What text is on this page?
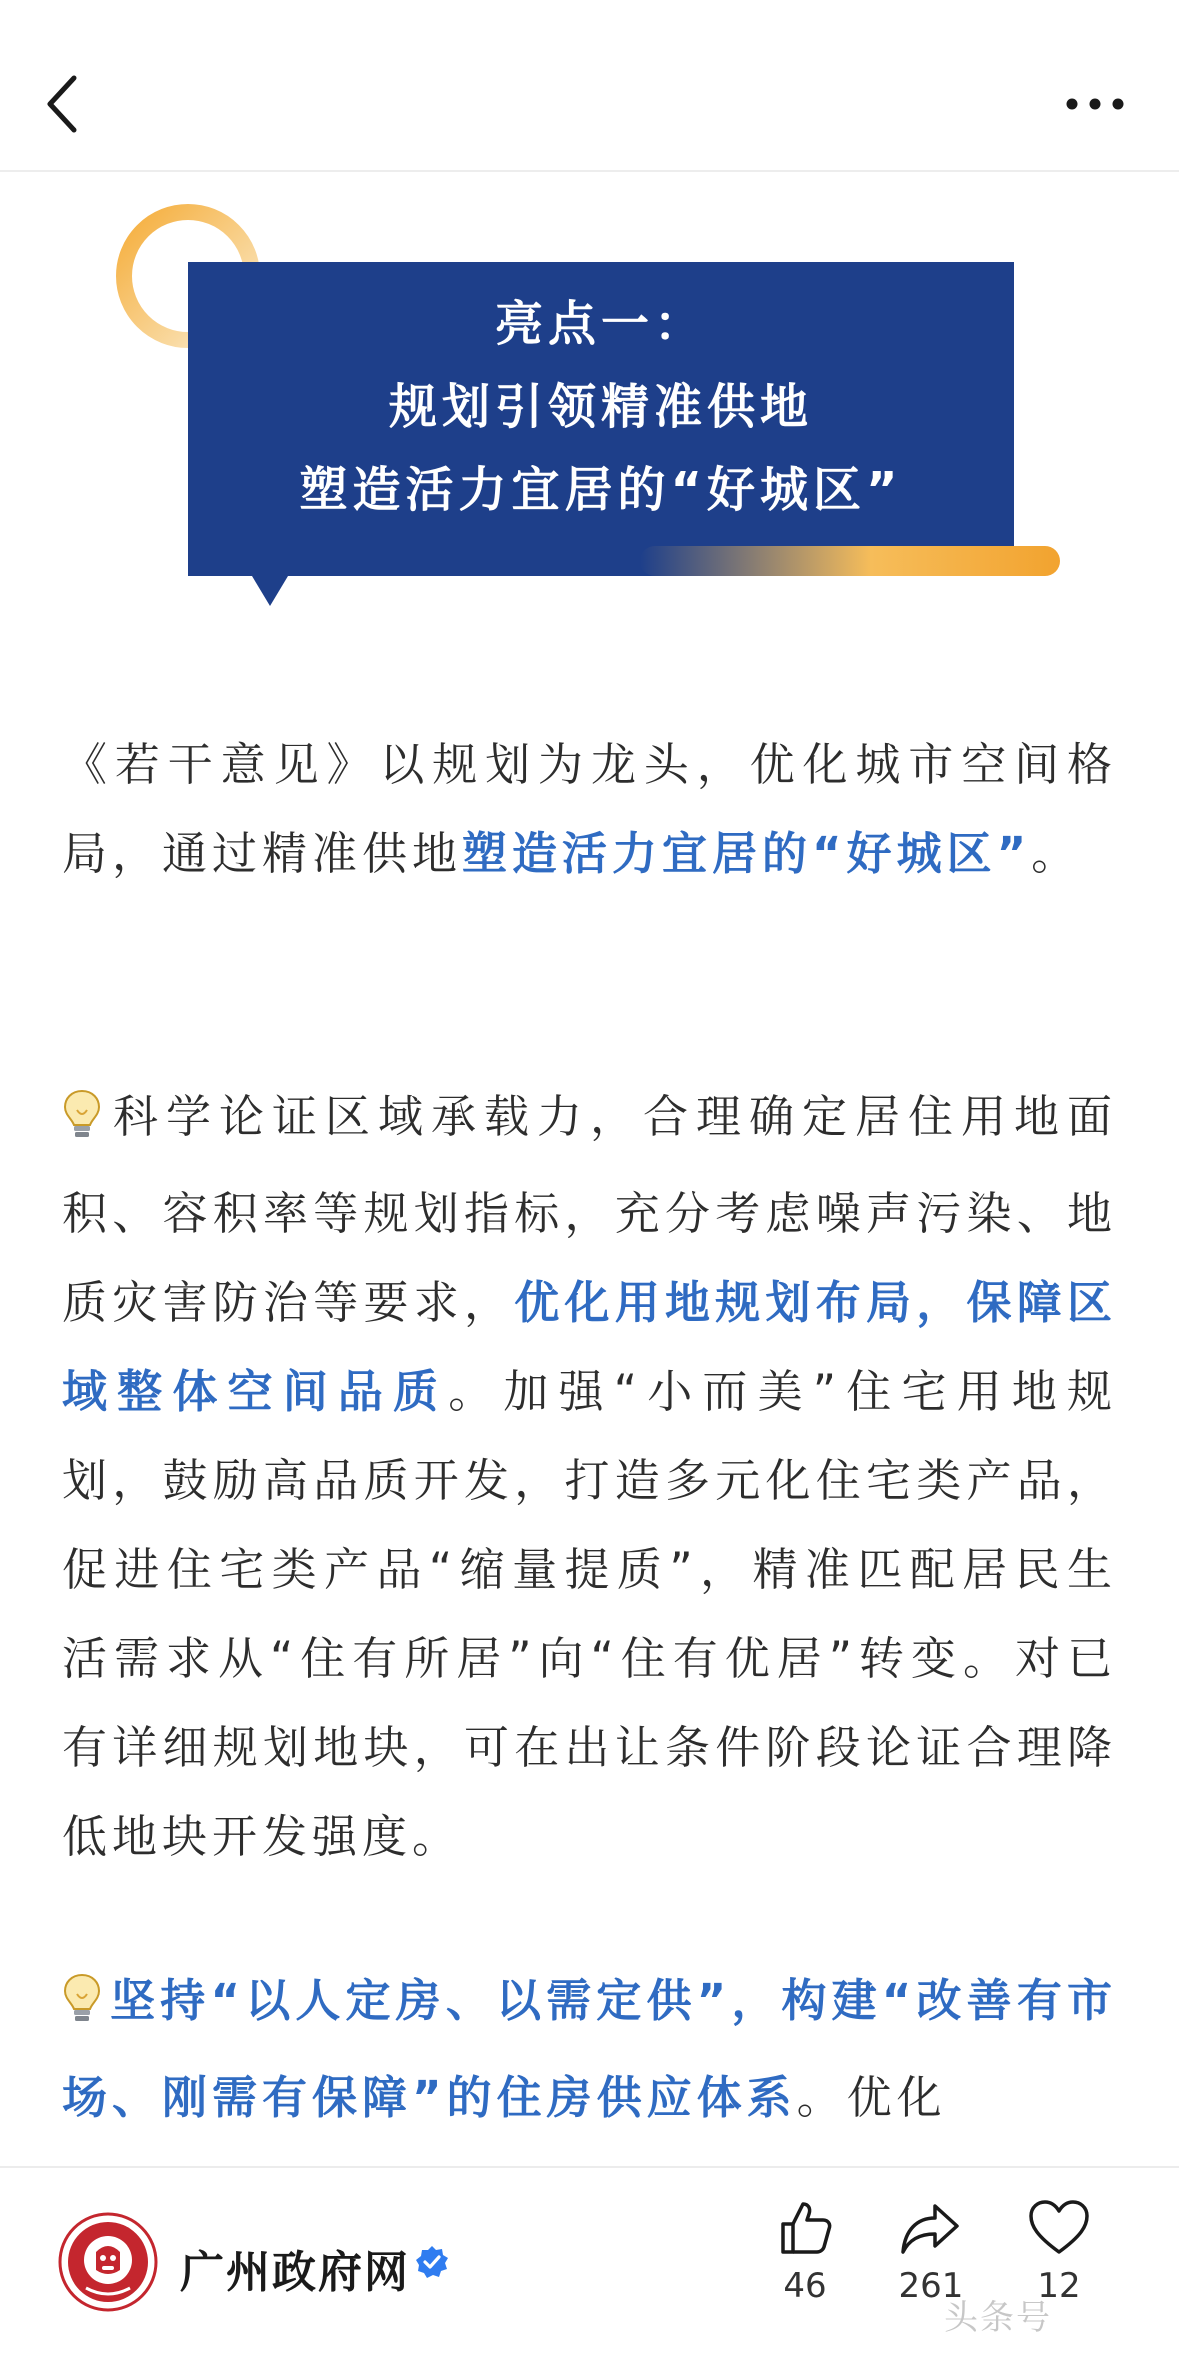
亮点一：
规划引领精准供地
塑造活力宜居的“好城区”

《若干意见》以规划为龙头，优化城市空间格局，通过精准供地塑造活力宜居的“好城区”。

科学论证区域承载力，合理确定居住用地面积、容积率等规划指标，充分考虑噪声污染、地质灾害防治等要求，优化用地规划布局，保障区域整体空间品质。加强“小而美”住宅用地规划，鼓励高品质开发，打造多元化住宅类产品，促进住宅类产品“缩量提质”，精准匹配居民生活需求从“住有所居”向“住有优居”转变。对已有详细规划地块，可在出让条件阶段论证合理降低地块开发强度。

坚持“以人定房、以需定供”，构建“改善有市场、刚需有保障”的住房供应体系。优化

广州政府网	46	261	12
头条号
